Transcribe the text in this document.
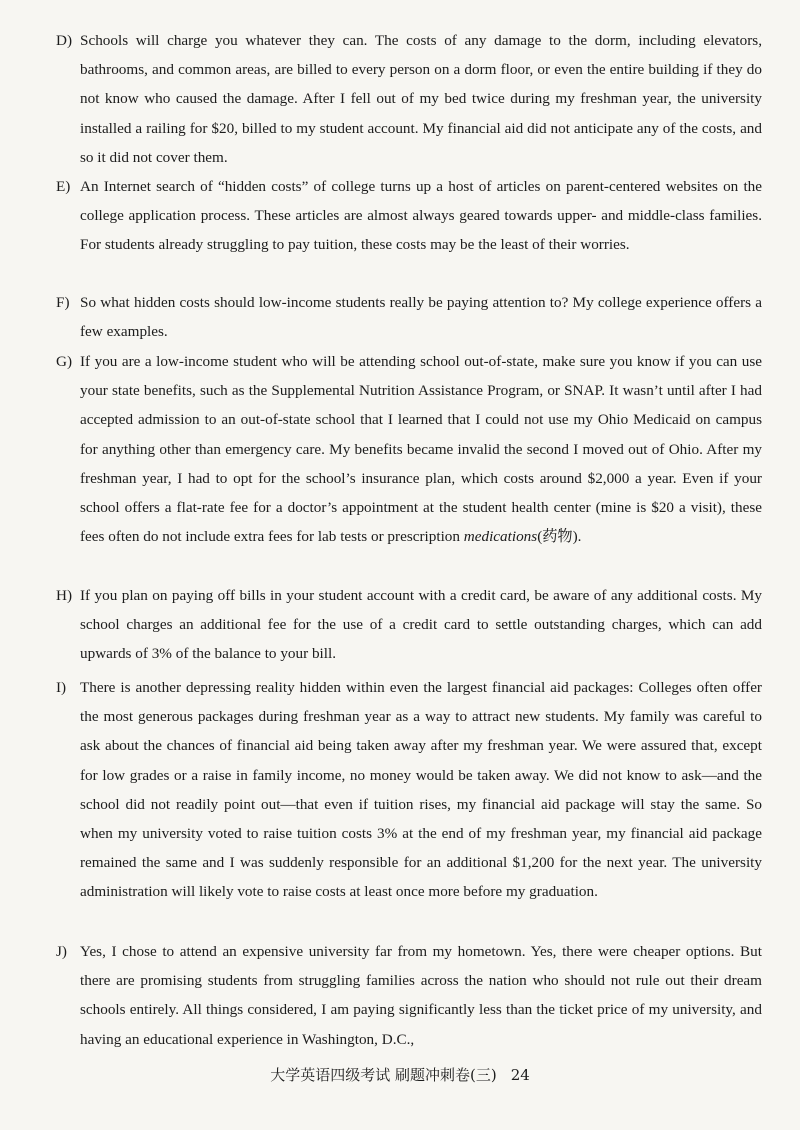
D) Schools will charge you whatever they can. The costs of any damage to the dorm, including elevators, bathrooms, and common areas, are billed to every person on a dorm floor, or even the entire building if they do not know who caused the damage. After I fell out of my bed twice during my freshman year, the university installed a railing for $20, billed to my student account. My financial aid did not anticipate any of the costs, and so it did not cover them.
E) An Internet search of “hidden costs” of college turns up a host of articles on parent-centered websites on the college application process. These articles are almost always geared towards upper- and middle-class families. For students already struggling to pay tuition, these costs may be the least of their worries.
F) So what hidden costs should low-income students really be paying attention to? My college experience offers a few examples.
G) If you are a low-income student who will be attending school out-of-state, make sure you know if you can use your state benefits, such as the Supplemental Nutrition Assistance Program, or SNAP. It wasn’t until after I had accepted admission to an out-of-state school that I learned that I could not use my Ohio Medicaid on campus for anything other than emergency care. My benefits became invalid the second I moved out of Ohio. After my freshman year, I had to opt for the school’s insurance plan, which costs around $2,000 a year. Even if your school offers a flat-rate fee for a doctor’s appointment at the student health center (mine is $20 a visit), these fees often do not include extra fees for lab tests or prescription medications(药物).
H) If you plan on paying off bills in your student account with a credit card, be aware of any additional costs. My school charges an additional fee for the use of a credit card to settle outstanding charges, which can add upwards of 3% of the balance to your bill.
I) There is another depressing reality hidden within even the largest financial aid packages: Colleges often offer the most generous packages during freshman year as a way to attract new students. My family was careful to ask about the chances of financial aid being taken away after my freshman year. We were assured that, except for low grades or a raise in family income, no money would be taken away. We did not know to ask—and the school did not readily point out—that even if tuition rises, my financial aid package will stay the same. So when my university voted to raise tuition costs 3% at the end of my freshman year, my financial aid package remained the same and I was suddenly responsible for an additional $1,200 for the next year. The university administration will likely vote to raise costs at least once more before my graduation.
J) Yes, I chose to attend an expensive university far from my hometown. Yes, there were cheaper options. But there are promising students from struggling families across the nation who should not rule out their dream schools entirely. All things considered, I am paying significantly less than the ticket price of my university, and having an educational experience in Washington, D.C.,
大学英语四级考试 刷题冲刺卷(三) 24
